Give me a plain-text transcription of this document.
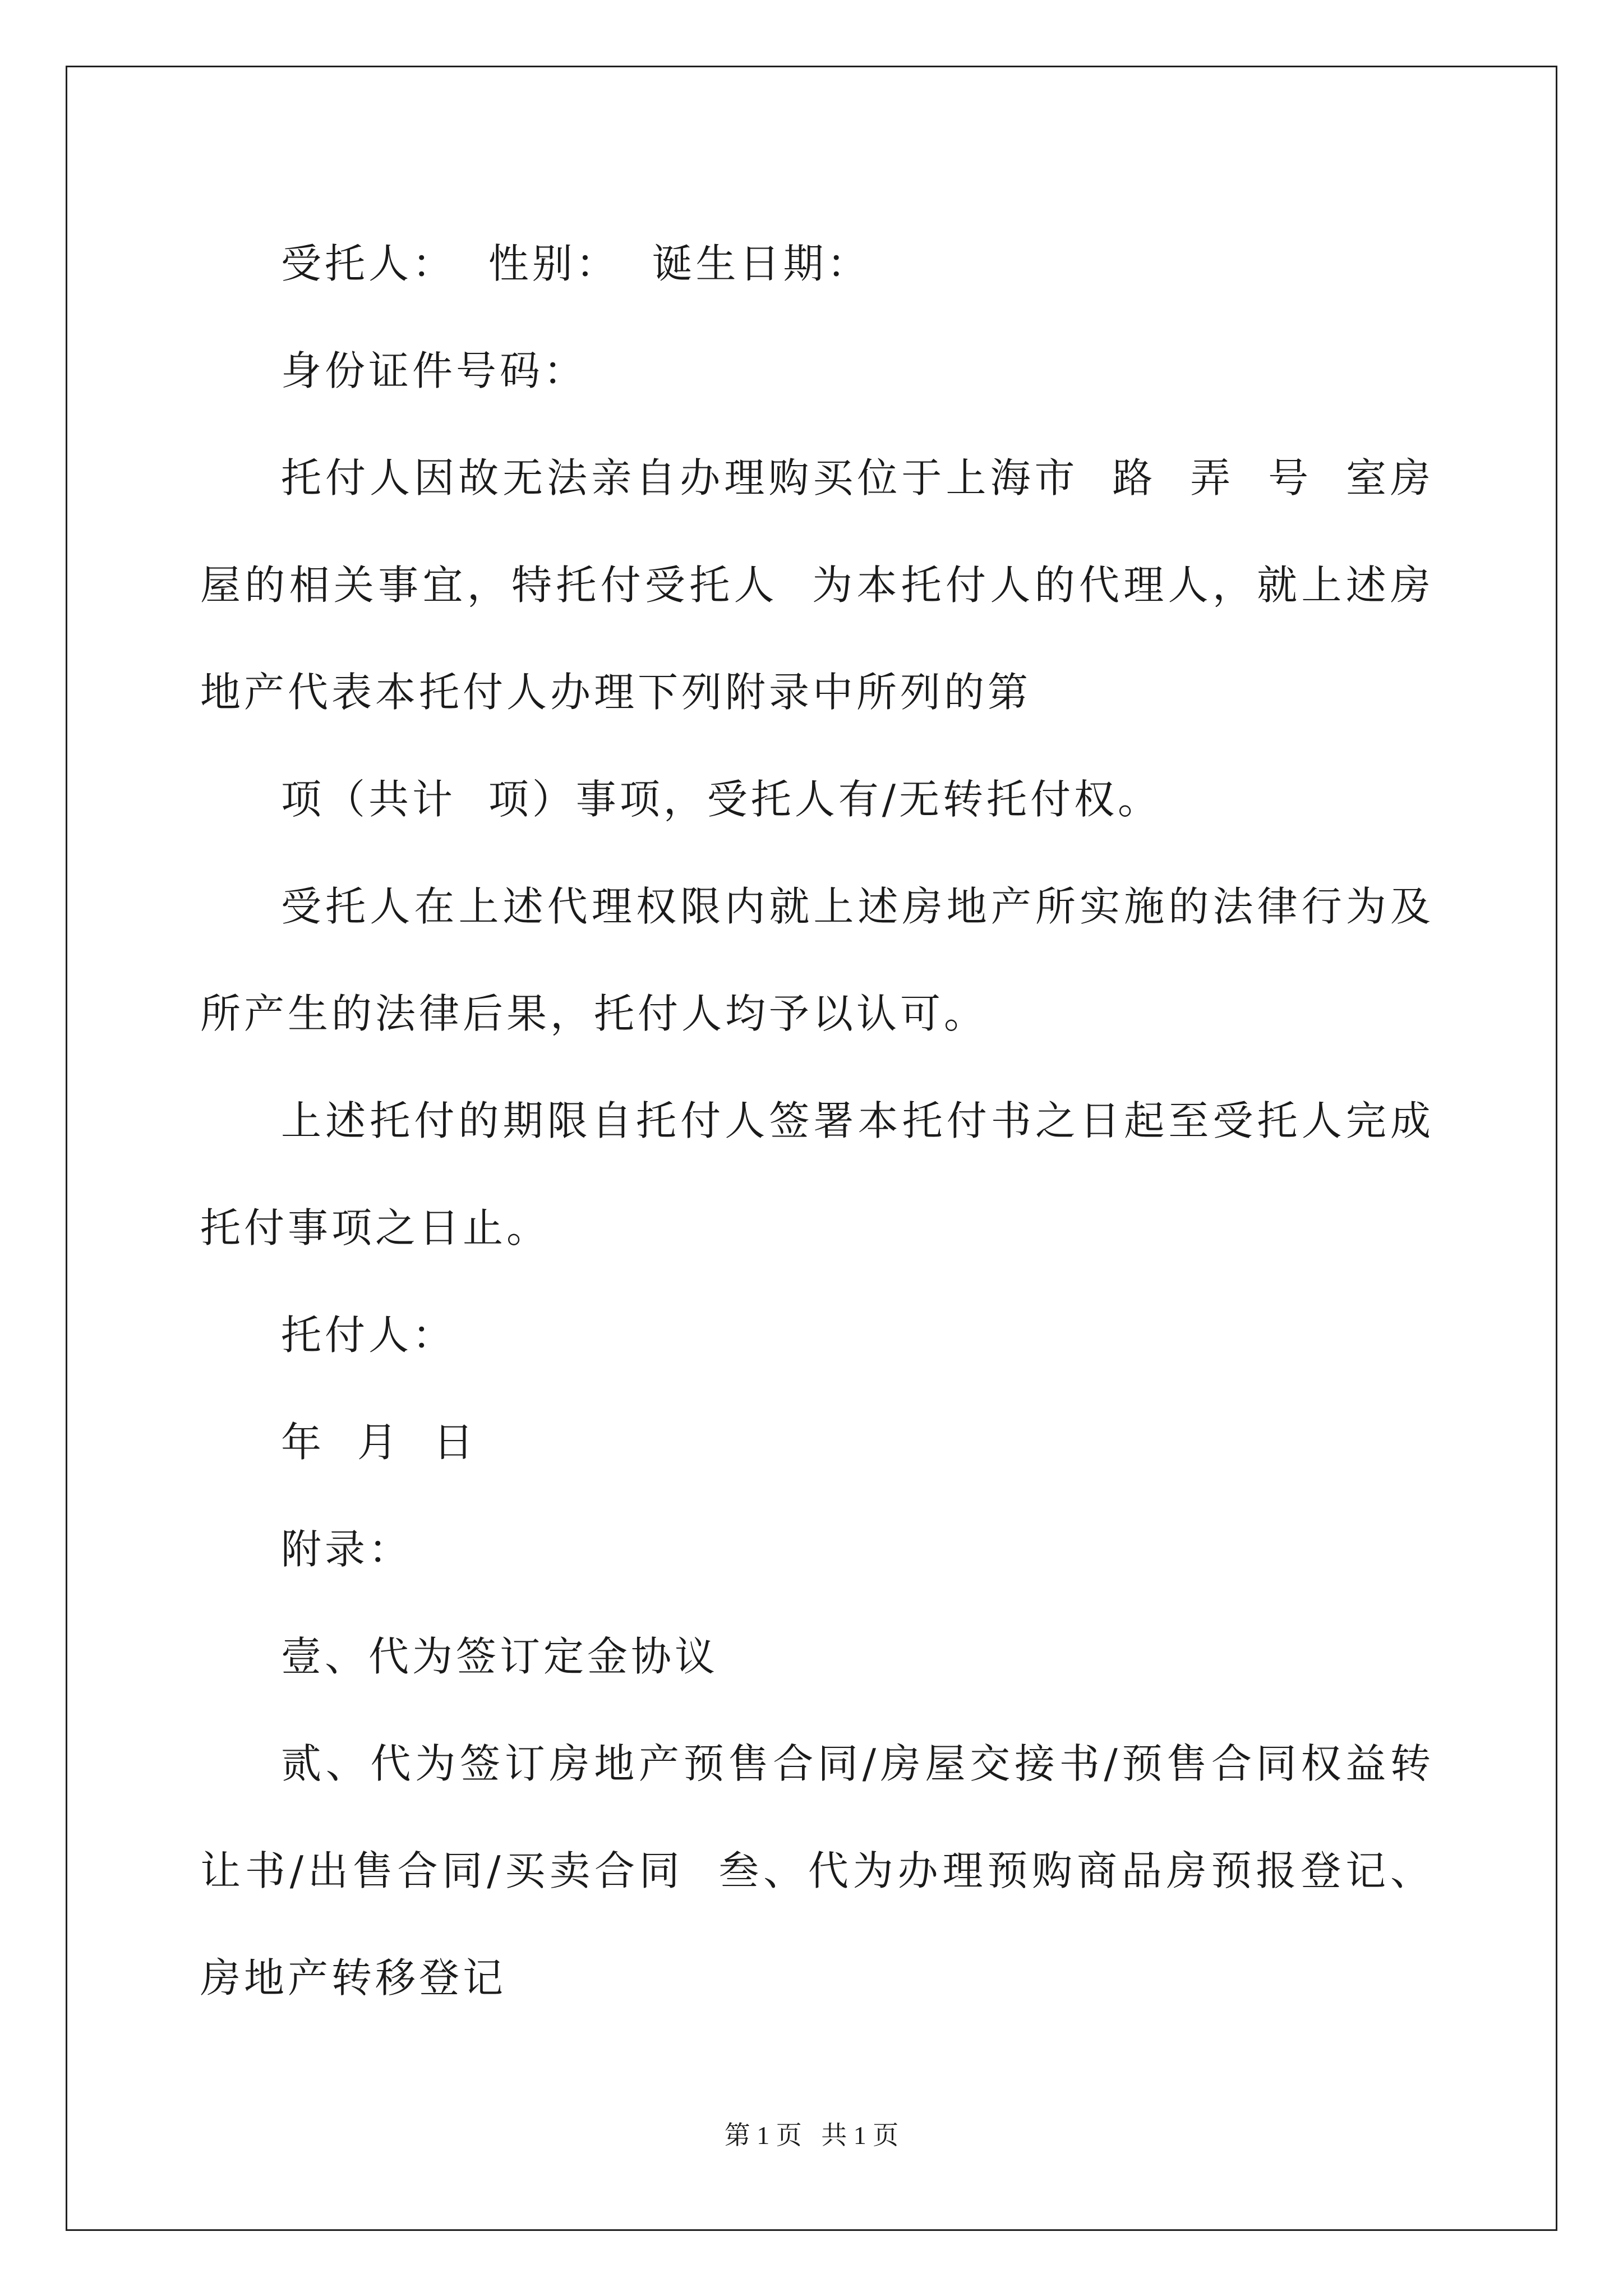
受托人：  性别：  诞生日期：

身份证件号码：

托付人因故无法亲自办理购买位于上海市  路  弄  号  室房屋的相关事宜，特托付受托人  为本托付人的代理人，就上述房地产代表本托付人办理下列附录中所列的第

项（共计  项）事项，受托人有/无转托付权。

受托人在上述代理权限内就上述房地产所实施的法律行为及所产生的法律后果，托付人均予以认可。

上述托付的期限自托付人签署本托付书之日起至受托人完成托付事项之日止。

托付人：

年  月  日

附录：

壹、代为签订定金协议

贰、代为签订房地产预售合同/房屋交接书/预售合同权益转让书/出售合同/买卖合同  叁、代为办理预购商品房预报登记、房地产转移登记

第 1 页   共 1 页
